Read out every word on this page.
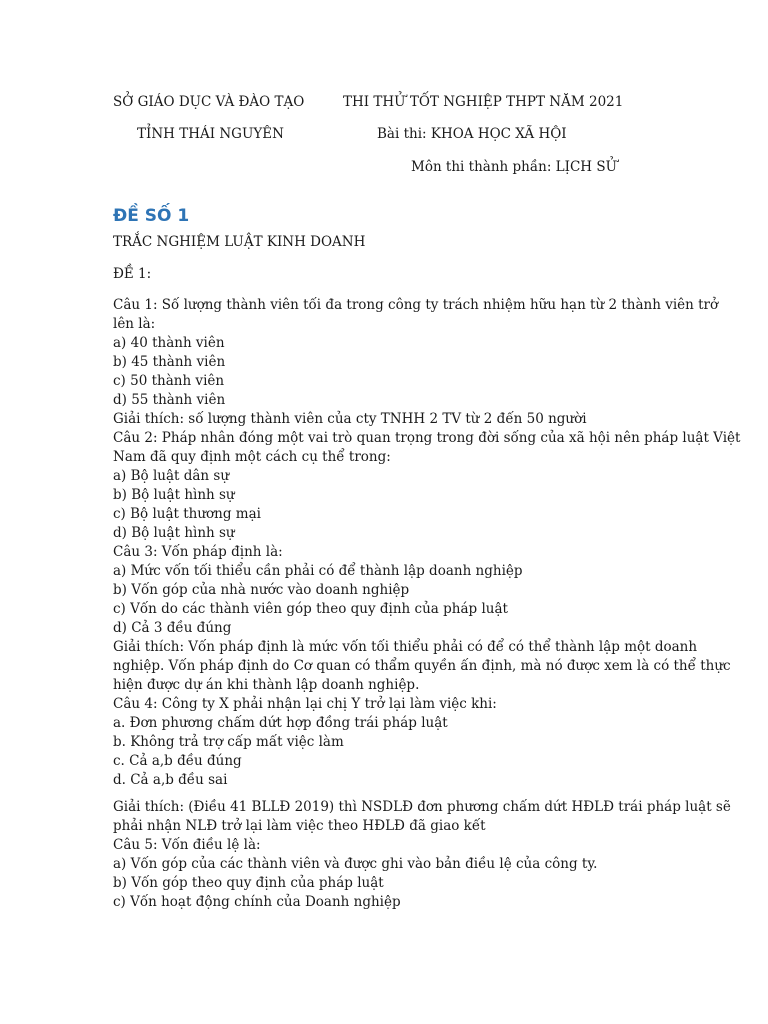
SỞ GIÁO DỤC VÀ ĐÀO TẠO	THI THỬ TỐT NGHIỆP THPT NĂM 2021
TỈNH THÁI NGUYÊN	Bài thi: KHOA HỌC XÃ HỘI
Môn thi thành phần: LỊCH SỬ
ĐỀ SỐ 1
TRẮC NGHIỆM LUẬT KINH DOANH
ĐỀ 1:
Câu 1: Số lượng thành viên tối đa trong công ty trách nhiệm hữu hạn từ 2 thành viên trở
lên là:
a) 40 thành viên
b) 45 thành viên
c) 50 thành viên
d) 55 thành viên
Giải thích: số lượng thành viên của cty TNHH 2 TV từ 2 đến 50 người
Câu 2: Pháp nhân đóng một vai trò quan trọng trong đời sống của xã hội nên pháp luật Việt
Nam đã quy định một cách cụ thể trong:
a) Bộ luật dân sự
b) Bộ luật hình sự
c) Bộ luật thương mại
d) Bộ luật hình sự
Câu 3: Vốn pháp định là:
a) Mức vốn tối thiểu cần phải có để thành lập doanh nghiệp
b) Vốn góp của nhà nước vào doanh nghiệp
c) Vốn do các thành viên góp theo quy định của pháp luật
d) Cả 3 đều đúng
Giải thích: Vốn pháp định là mức vốn tối thiểu phải có để có thể thành lập một doanh
nghiệp. Vốn pháp định do Cơ quan có thẩm quyền ấn định, mà nó được xem là có thể thực
hiện được dự án khi thành lập doanh nghiệp.
Câu 4: Công ty X phải nhận lại chị Y trở lại làm việc khi:
a. Đơn phương chấm dứt hợp đồng trái pháp luật
b. Không trả trợ cấp mất việc làm
c. Cả a,b đều đúng
d. Cả a,b đều sai
Giải thích: (Điều 41 BLLĐ 2019) thì NSDLĐ đơn phương chấm dứt HĐLĐ trái pháp luật sẽ
phải nhận NLĐ trở lại làm việc theo HĐLĐ đã giao kết
Câu 5: Vốn điều lệ là:
a) Vốn góp của các thành viên và được ghi vào bản điều lệ của công ty.
b) Vốn góp theo quy định của pháp luật
c) Vốn hoạt động chính của Doanh nghiệp
